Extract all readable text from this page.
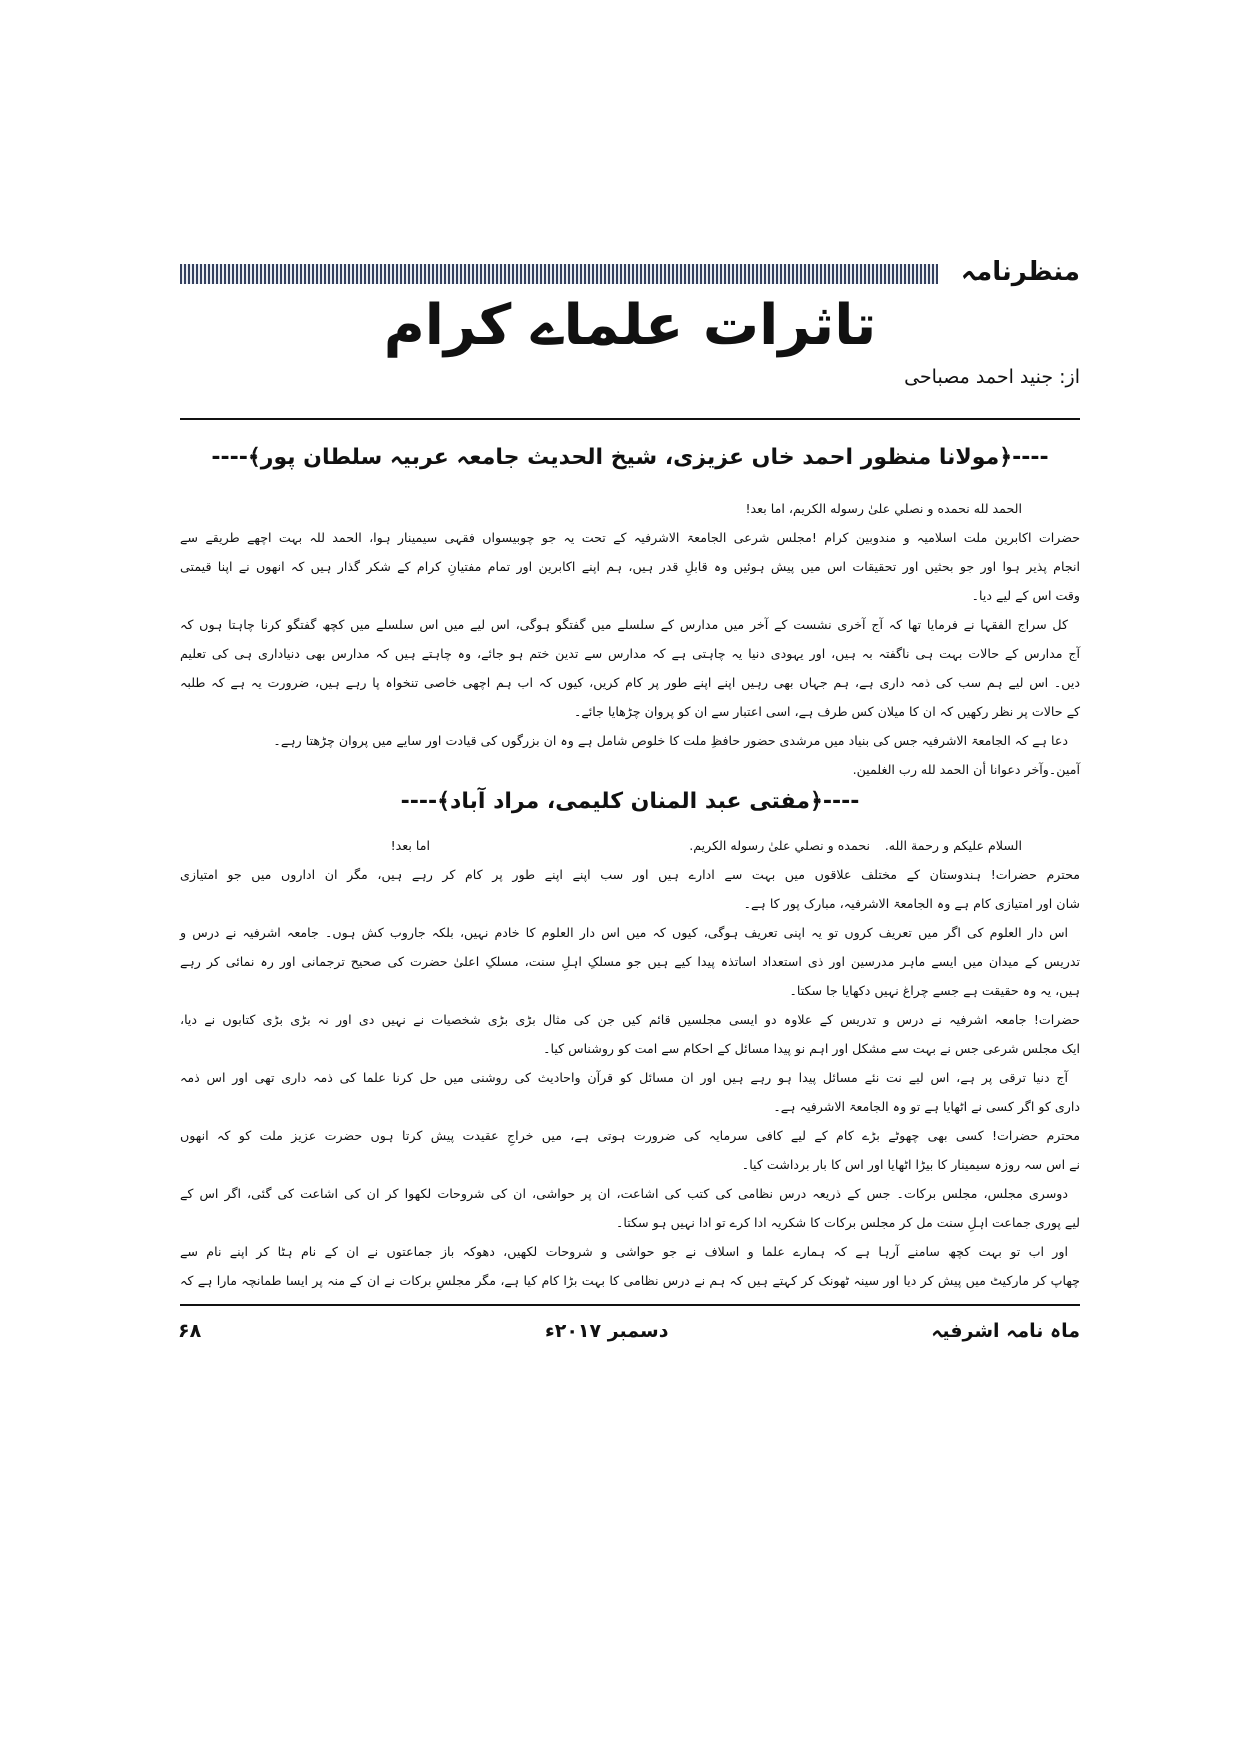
منظرنامہ
تاثرات علماے کرام
از: جنید احمد مصباحی
----﴿مولانا منظور احمد خاں عزیزی، شیخ الحدیث جامعہ عربیہ سلطان پور﴾----
الحمد لله نحمده و نصلي علیٰ رسوله الكريم، اما بعد!
حضرات اکابرین ملت اسلامیہ و مندوبین کرام !مجلس شرعی الجامعۃ الاشرفیہ کے تحت یہ جو چوبیسواں فقہی سیمینار ہوا، الحمد للہ بہت اچھے طریقے سے
انجام پذیر ہوا اور جو بحثیں اور تحقیقات اس میں پیش ہوئیں وہ قابلِ قدر ہیں، ہم اپنے اکابرین اور تمام مفتیانِ کرام کے شکر گذار ہیں کہ انھوں نے اپنا قیمتی
وقت اس کے لیے دیا۔
کل سراج الفقہا نے فرمایا تھا کہ آج آخری نشست کے آخر میں مدارس کے سلسلے میں گفتگو ہوگی، اس لیے میں اس سلسلے میں کچھ گفتگو کرنا چاہتا ہوں کہ
آج مدارس کے حالات بہت ہی ناگفتہ بہ ہیں، اور یہودی دنیا یہ چاہتی ہے کہ مدارس سے تدین ختم ہو جائے، وہ چاہتے ہیں کہ مدارس بھی دنیاداری ہی کی تعلیم
دیں۔ اس لیے ہم سب کی ذمہ داری ہے، ہم جہاں بھی رہیں اپنے اپنے طور پر کام کریں، کیوں کہ اب ہم اچھی خاصی تنخواہ پا رہے ہیں، ضرورت یہ ہے کہ طلبہ
کے حالات پر نظر رکھیں کہ ان کا میلان کس طرف ہے، اسی اعتبار سے ان کو پروان چڑھایا جائے۔
دعا ہے کہ الجامعۃ الاشرفیہ جس کی بنیاد میں مرشدی حضور حافظِ ملت کا خلوص شامل ہے وہ ان بزرگوں کی قیادت اور سایے میں پروان چڑھتا رہے۔
آمین۔وآخر دعوانا أن الحمد لله رب الغلمين.
----﴿مفتی عبد المنان کلیمی، مراد آباد﴾----
السلام عليكم و رحمة الله.
نحمده و نصلي علیٰ رسوله الكريم.
اما بعد!
محترم حضرات! ہندوستان کے مختلف علاقوں میں بہت سے ادارے ہیں اور سب اپنے اپنے طور پر کام کر رہے ہیں، مگر ان اداروں میں جو امتیازی
شان اور امتیازی کام ہے وہ الجامعۃ الاشرفیہ، مبارک پور کا ہے۔
اس دار العلوم کی اگر میں تعریف کروں تو یہ اپنی تعریف ہوگی، کیوں کہ میں اس دار العلوم کا خادم نہیں، بلکہ جاروب کش ہوں۔ جامعہ اشرفیہ نے درس و
تدریس کے میدان میں ایسے ماہر مدرسین اور ذی استعداد اساتذہ پیدا کیے ہیں جو مسلکِ اہلِ سنت، مسلکِ اعلیٰ حضرت کی صحیح ترجمانی اور رہ نمائی کر رہے
ہیں، یہ وہ حقیقت ہے جسے چراغ نہیں دکھایا جا سکتا۔
حضرات! جامعہ اشرفیہ نے درس و تدریس کے علاوہ دو ایسی مجلسیں قائم کیں جن کی مثال بڑی بڑی شخصیات نے نہیں دی اور نہ بڑی بڑی کتابوں نے دیا،
ایک مجلس شرعی جس نے بہت سے مشکل اور اہم نو پیدا مسائل کے احکام سے امت کو روشناس کیا۔
آج دنیا ترقی پر ہے، اس لیے نت نئے مسائل پیدا ہو رہے ہیں اور ان مسائل کو قرآن واحادیث کی روشنی میں حل کرنا علما کی ذمہ داری تھی اور اس ذمہ
داری کو اگر کسی نے اٹھایا ہے تو وہ الجامعۃ الاشرفیہ ہے۔
محترم حضرات! کسی بھی چھوٹے بڑے کام کے لیے کافی سرمایہ کی ضرورت ہوتی ہے، میں خراجِ عقیدت پیش کرتا ہوں حضرت عزیز ملت کو کہ انھوں
نے اس سہ روزہ سیمینار کا بیڑا اٹھایا اور اس کا بار برداشت کیا۔
دوسری مجلس، مجلس برکات۔ جس کے ذریعہ درس نظامی کی کتب کی اشاعت، ان پر حواشی، ان کی شروحات لکھوا کر ان کی اشاعت کی گئی، اگر اس کے
لیے پوری جماعت اہلِ سنت مل کر مجلس برکات کا شکریہ ادا کرے تو ادا نہیں ہو سکتا۔
اور اب تو بہت کچھ سامنے آرہا ہے کہ ہمارے علما و اسلاف نے جو حواشی و شروحات لکھیں، دھوکہ باز جماعتوں نے ان کے نام ہٹا کر اپنے نام سے
چھاپ کر مارکیٹ میں پیش کر دیا اور سینہ ٹھونک کر کہتے ہیں کہ ہم نے درس نظامی کا بہت بڑا کام کیا ہے، مگر مجلسِ برکات نے ان کے منہ پر ایسا طمانچہ مارا ہے کہ
ماہ نامہ اشرفیہ
دسمبر ۲۰۱۷ء
۶۸
